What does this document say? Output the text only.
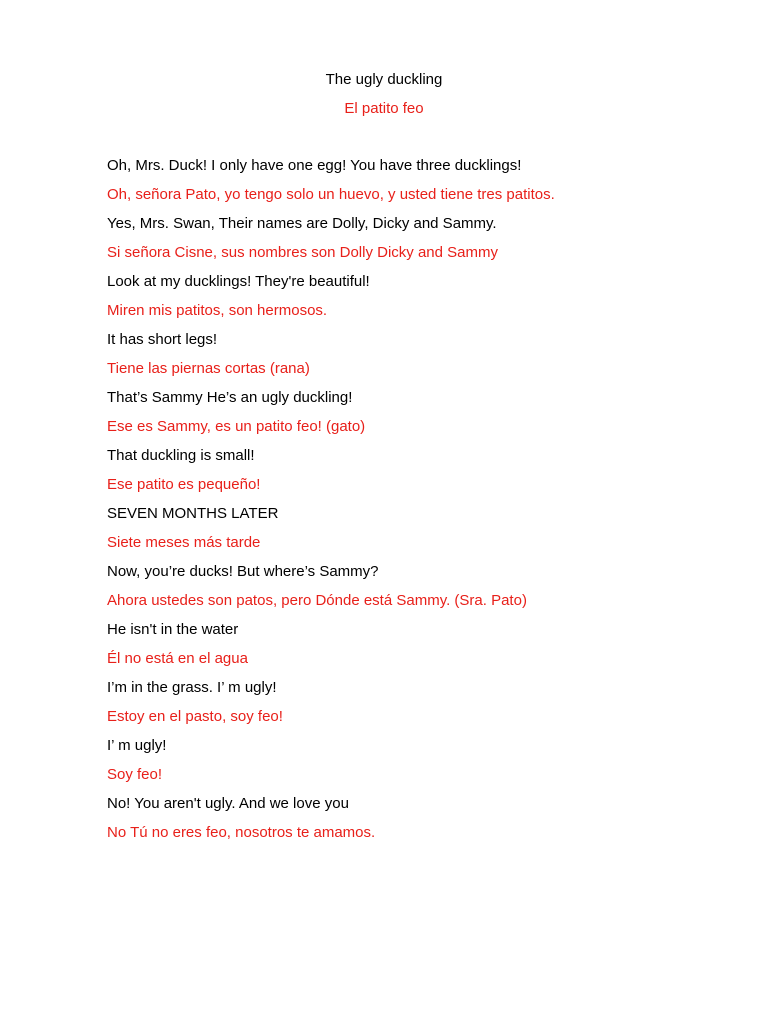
The ugly duckling
El patito feo
Oh, Mrs. Duck! I only have one egg! You have three ducklings!
Oh, señora Pato, yo tengo solo un huevo, y usted tiene tres patitos.
Yes, Mrs. Swan, Their names are Dolly, Dicky and Sammy.
Si señora Cisne, sus nombres son Dolly Dicky and Sammy
Look at my ducklings! They're beautiful!
Miren mis patitos, son hermosos.
It has short legs!
Tiene las piernas cortas (rana)
That’s Sammy He’s an ugly duckling!
Ese es Sammy, es un patito feo! (gato)
That duckling is small!
Ese patito es pequeño!
SEVEN MONTHS LATER
Siete meses más tarde
Now, you’re ducks! But where’s Sammy?
Ahora ustedes son patos, pero Dónde está Sammy. (Sra. Pato)
He isn't in the water
Él no está en el agua
I’m in the grass. I’ m ugly!
Estoy en el pasto, soy feo!
I’ m ugly!
Soy feo!
No! You aren't ugly. And we love you
No Tú no eres feo, nosotros te amamos.
